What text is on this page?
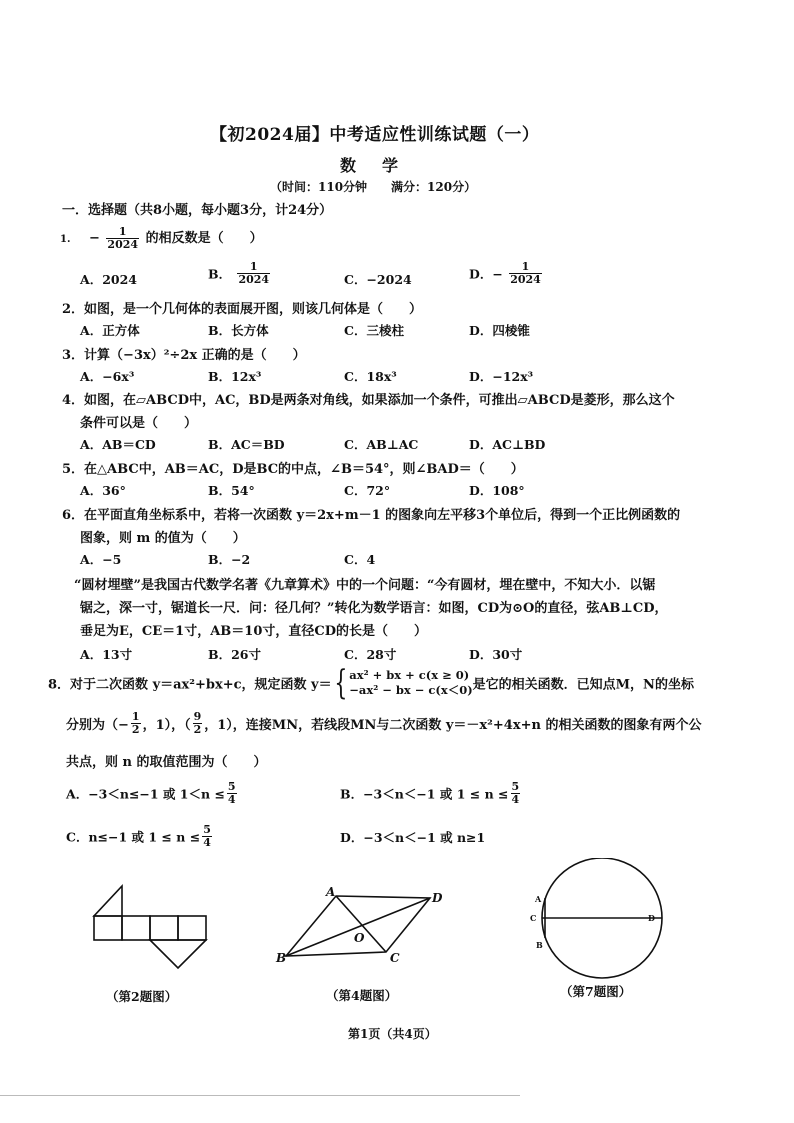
【初2024届】中考适应性训练试题（一）
数学
（时间：110分钟　　满分：120分）
一．选择题（共8小题，每小题3分，计24分）
1. − $\frac{1}{2024}$ 的相反数是（　　）
A．2024	B． $\frac{1}{2024}$	C．−2024	D．− $\frac{1}{2024}$
2．如图，是一个几何体的表面展开图，则该几何体是（　　）
A．正方体	B．长方体	C．三棱柱	D．四棱锥
3．计算（−3x）²÷2x 正确的是（　　）
A．−6x³	B．12x³	C．18x³	D．−12x³
4．如图，在▱ABCD中，AC，BD是两条对角线，如果添加一个条件，可推出▱ABCD是菱形，那么这个
条件可以是（　　）
A．AB＝CD	B．AC＝BD	C．AB⊥AC	D．AC⊥BD
5．在△ABC中，AB＝AC，D是BC的中点，∠B＝54°，则∠BAD＝（　　）
A．36°	B．54°	C．72°	D．108°
6．在平面直角坐标系中，若将一次函数 y＝2x+m－1 的图象向左平移3个单位后，得到一个正比例函数的
图象，则 m 的值为（　　）
A．−5	B．−2	C．4
“圆材埋壁”是我国古代数学名著《九章算术》中的一个问题：“今有圆材，埋在壁中，不知大小．以锯
锯之，深一寸，锯道长一尺．问：径几何？”转化为数学语言：如图，CD为⊙O的直径，弦AB⊥CD，
垂足为E，CE＝1寸，AB＝10寸，直径CD的长是（　　）
A．13寸	B．26寸	C．28寸	D．30寸
8．对于二次函数 y＝ax²+bx+c，规定函数 y＝{ ax² + bx + c(x ≥ 0)
−ax² − bx − c(x＜0) 是它的相关函数．已知点M，N的坐标
分别为（− $\frac{1}{2}$ ，1），（ $\frac{9}{2}$ ，1），连接MN，若线段MN与二次函数 y＝－x²+4x+n 的相关函数的图象有两个公
共点，则 n 的取值范围为（　　）
A．−3＜n≤−1 或 $1<n \le \frac{5}{4}$	B．−3＜n＜−1 或 $1 \le n \le \frac{5}{4}$
C．n≤−1 或 $1 \le n \le \frac{5}{4}$	D．−3＜n＜−1 或 n≥1
（第2题图）
A
B	C
D
O
（第4题图）
A
B
C	D
（第7题图）
第1页（共4页）
